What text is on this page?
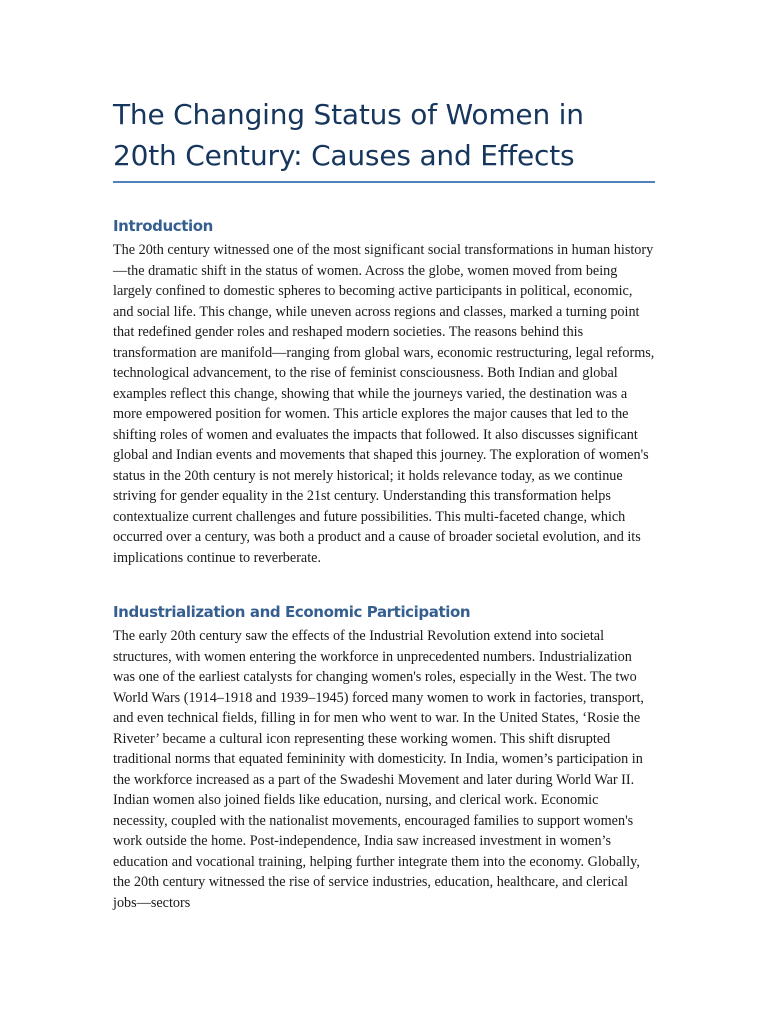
The Changing Status of Women in 20th Century: Causes and Effects
Introduction

The 20th century witnessed one of the most significant social transformations in human history—the dramatic shift in the status of women. Across the globe, women moved from being largely confined to domestic spheres to becoming active participants in political, economic, and social life. This change, while uneven across regions and classes, marked a turning point that redefined gender roles and reshaped modern societies. The reasons behind this transformation are manifold—ranging from global wars, economic restructuring, legal reforms, technological advancement, to the rise of feminist consciousness. Both Indian and global examples reflect this change, showing that while the journeys varied, the destination was a more empowered position for women. This article explores the major causes that led to the shifting roles of women and evaluates the impacts that followed. It also discusses significant global and Indian events and movements that shaped this journey. The exploration of women's status in the 20th century is not merely historical; it holds relevance today, as we continue striving for gender equality in the 21st century. Understanding this transformation helps contextualize current challenges and future possibilities. This multi-faceted change, which occurred over a century, was both a product and a cause of broader societal evolution, and its implications continue to reverberate.

Industrialization and Economic Participation

The early 20th century saw the effects of the Industrial Revolution extend into societal structures, with women entering the workforce in unprecedented numbers. Industrialization was one of the earliest catalysts for changing women's roles, especially in the West. The two World Wars (1914–1918 and 1939–1945) forced many women to work in factories, transport, and even technical fields, filling in for men who went to war. In the United States, ‘Rosie the Riveter’ became a cultural icon representing these working women. This shift disrupted traditional norms that equated femininity with domesticity. In India, women’s participation in the workforce increased as a part of the Swadeshi Movement and later during World War II. Indian women also joined fields like education, nursing, and clerical work. Economic necessity, coupled with the nationalist movements, encouraged families to support women's work outside the home. Post-independence, India saw increased investment in women’s education and vocational training, helping further integrate them into the economy. Globally, the 20th century witnessed the rise of service industries, education, healthcare, and clerical jobs—sectors
